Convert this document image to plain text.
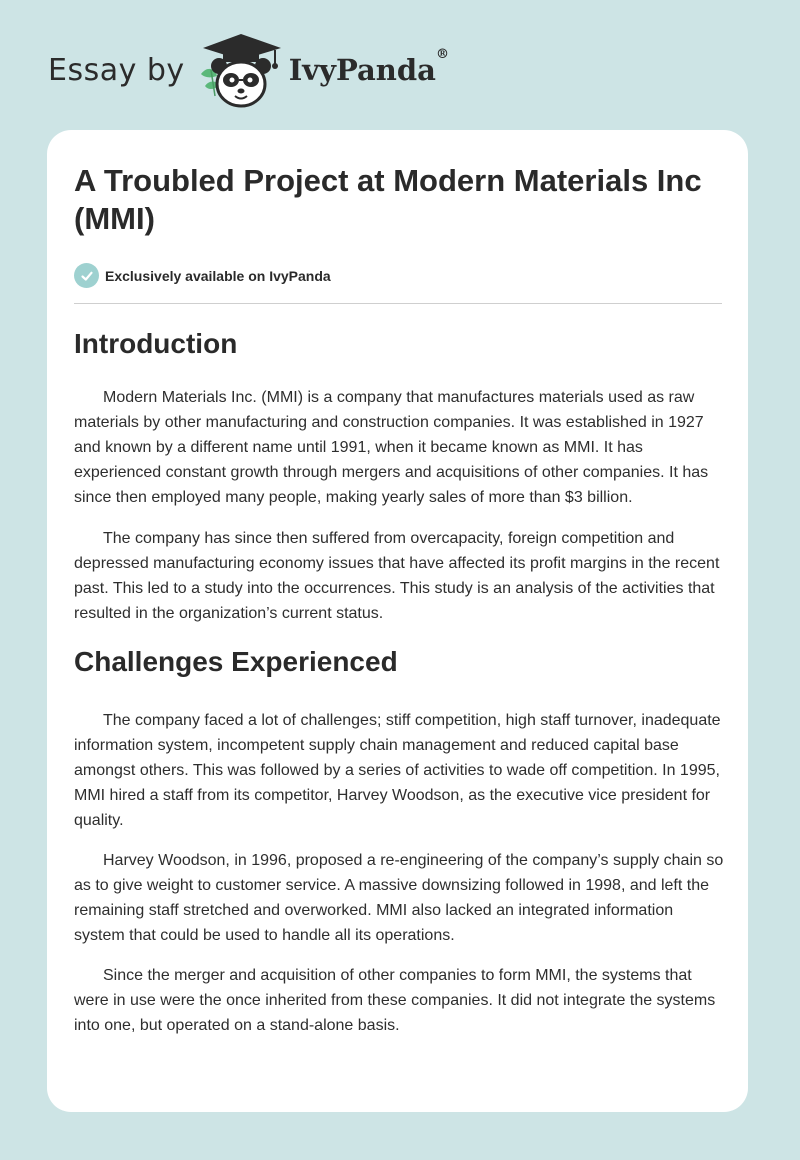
Essay by	IvyPanda®
A Troubled Project at Modern Materials Inc (MMI)
Exclusively available on IvyPanda
Introduction

Modern Materials Inc. (MMI) is a company that manufactures materials used as raw materials by other manufacturing and construction companies. It was established in 1927 and known by a different name until 1991, when it became known as MMI. It has experienced constant growth through mergers and acquisitions of other companies. It has since then employed many people, making yearly sales of more than $3 billion.

The company has since then suffered from overcapacity, foreign competition and depressed manufacturing economy issues that have affected its profit margins in the recent past. This led to a study into the occurrences. This study is an analysis of the activities that resulted in the organization’s current status.

Challenges Experienced

The company faced a lot of challenges; stiff competition, high staff turnover, inadequate information system, incompetent supply chain management and reduced capital base amongst others. This was followed by a series of activities to wade off competition. In 1995, MMI hired a staff from its competitor, Harvey Woodson, as the executive vice president for quality.

Harvey Woodson, in 1996, proposed a re-engineering of the company’s supply chain so as to give weight to customer service. A massive downsizing followed in 1998, and left the remaining staff stretched and overworked. MMI also lacked an integrated information system that could be used to handle all its operations.

Since the merger and acquisition of other companies to form MMI, the systems that were in use were the once inherited from these companies. It did not integrate the systems into one, but operated on a stand-alone basis.
